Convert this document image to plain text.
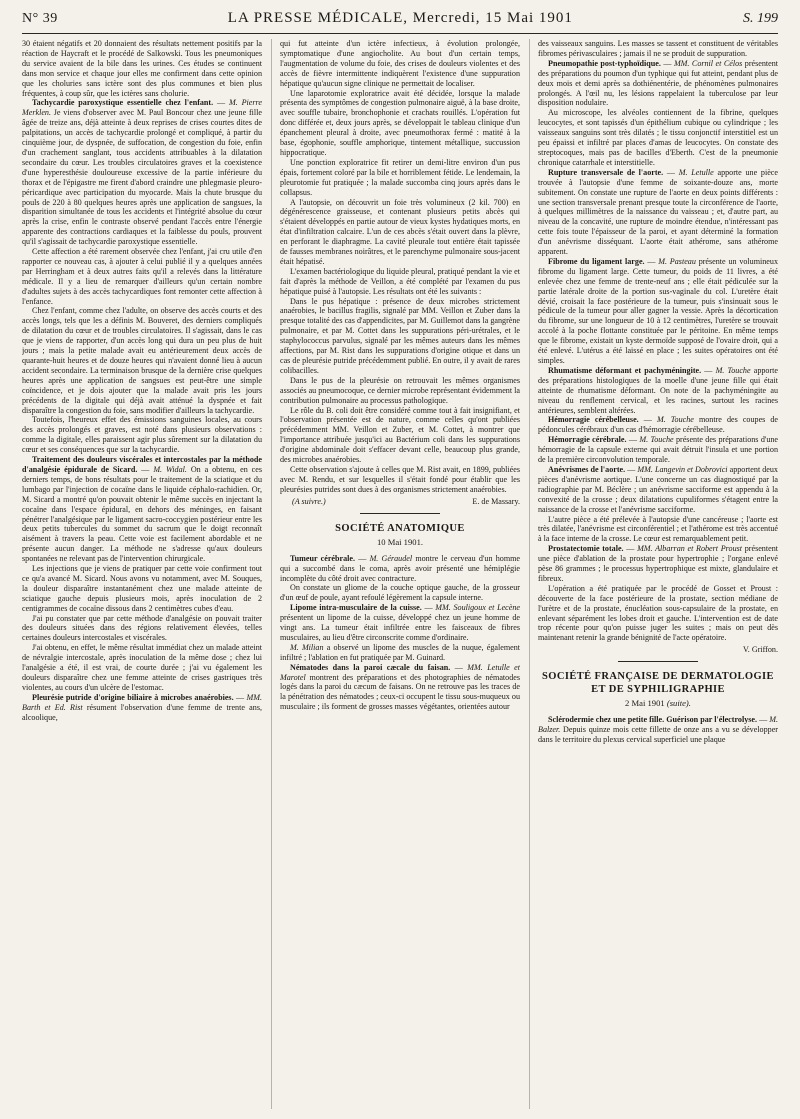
N° 39	LA PRESSE MÉDICALE, Mercredi, 15 Mai 1901	S. 199

30 étaient négatifs et 20 donnaient des résultats nettement positifs par la réaction de Haycraft et le procédé de Salkowski. Tous les pneumoniques du service avaient de la bile dans les urines. Ces études se continuent dans mon service et chaque jour elles me confirment dans cette opinion que les choluries sans ictère sont des plus communes et bien plus fréquentes, à coup sûr, que les ictères sans cholurie.

Tachycardie paroxystique essentielle chez l'enfant. — M. Pierre Merklen. Je viens d'observer avec M. Paul Boncour chez une jeune fille âgée de treize ans, déjà atteinte à deux reprises de crises courtes dites de palpitations, un accès de tachycardie prolongé et compliqué, à partir du cinquième jour, de dyspnée, de suffocation, de congestion du foie, enfin d'un crachement sanglant, tous accidents attribuables à la dilatation secondaire du cœur. Les troubles circulatoires graves et la coexistence d'une hyperesthésie douloureuse excessive de la partie inférieure du thorax et de l'épigastre me firent d'abord craindre une phlegmasie pleuro-péricardique avec participation du myocarde. Mais la chute brusque du pouls de 220 à 80 quelques heures après une application de sangsues, la disparition simultanée de tous les accidents et l'intégrité absolue du cœur après la crise, enfin le contraste observé pendant l'accès entre l'énergie apparente des contractions cardiaques et la faiblesse du pouls, prouvent qu'il s'agissait de tachycardie paroxystique essentielle.

Cette affection a été rarement observée chez l'enfant, j'ai cru utile d'en rapporter ce nouveau cas, à ajouter à celui publié il y a quelques années par Herringham et à deux autres faits qu'il a relevés dans la littérature médicale. Il y a lieu de remarquer d'ailleurs qu'un certain nombre d'adultes sujets à des accès tachycardiques font remonter cette affection à l'enfance.

Chez l'enfant, comme chez l'adulte, on observe des accès courts et des accès longs, tels que les a définis M. Bouveret, des derniers compliqués de dilatation du cœur et de troubles circulatoires. Il s'agissait, dans le cas que je viens de rapporter, d'un accès long qui dura un peu plus de huit jours ; mais la petite malade avait eu antérieurement deux accès de quarante-huit heures et de douze heures qui n'avaient donné lieu à aucun accident secondaire. La terminaison brusque de la dernière crise quelques heures après une application de sangsues est peut-être une simple coïncidence, et je dois ajouter que la malade avait pris les jours précédents de la digitale qui déjà avait atténué la dyspnée et fait disparaître la congestion du foie, sans modifier d'ailleurs la tachycardie.

Toutefois, l'heureux effet des émissions sanguines locales, au cours des accès prolongés et graves, est noté dans plusieurs observations : comme la digitale, elles paraissent agir plus sûrement sur la dilatation du cœur et ses conséquences que sur la tachycardie.

Traitement des douleurs viscérales et intercostales par la méthode d'analgésie épidurale de Sicard. — M. Widal. On a obtenu, en ces derniers temps, de bons résultats pour le traitement de la sciatique et du lumbago par l'injection de cocaïne dans le liquide céphalo-rachidien. Or, M. Sicard a montré qu'on pouvait obtenir le même succès en injectant la cocaïne dans l'espace épidural, en dehors des méninges, en faisant pénétrer l'analgésique par le ligament sacro-coccygien postérieur entre les deux petits tubercules du sommet du sacrum que le doigt reconnaît aisément à travers la peau. Cette voie est facilement abordable et ne présente aucun danger. La méthode ne s'adresse qu'aux douleurs spontanées ne relevant pas de l'intervention chirurgicale.

Les injections que je viens de pratiquer par cette voie confirment tout ce qu'a avancé M. Sicard. Nous avons vu notamment, avec M. Souques, la douleur disparaître instantanément chez une malade atteinte de sciatique gauche depuis plusieurs mois, après inoculation de 2 centigrammes de cocaïne dissous dans 2 centimètres cubes d'eau.

J'ai pu constater que par cette méthode d'analgésie on pouvait traiter des douleurs situées dans des régions relativement élevées, telles certaines douleurs intercostales et viscérales.

J'ai obtenu, en effet, le même résultat immédiat chez un malade atteint de névralgie intercostale, après inoculation de la même dose ; chez lui l'analgésie a été, il est vrai, de courte durée ; j'ai vu également les douleurs disparaître chez une femme atteinte de crises gastriques très violentes, au cours d'un ulcère de l'estomac.

Pleurésie putride d'origine biliaire à microbes anaérobies. — MM. Barth et Ed. Rist résument l'observation d'une femme de trente ans, alcoolique,

qui fut atteinte d'un ictère infectieux, à évolution prolongée, symptomatique d'une angiocholite. Au bout d'un certain temps, l'augmentation de volume du foie, des crises de douleurs violentes et des accès de fièvre intermittente indiquèrent l'existence d'une suppuration hépatique qu'aucun signe clinique ne permettait de localiser.

Une laparotomie exploratrice avait été décidée, lorsque la malade présenta des symptômes de congestion pulmonaire aiguë, à la base droite, avec souffle tubaire, bronchophonie et crachats rouillés. L'opération fut donc différée et, deux jours après, se développait le tableau clinique d'un épanchement pleural à droite, avec pneumothorax fermé : matité à la base, égophonie, souffle amphorique, tintement métallique, succussion hippocratique.

Une ponction exploratrice fit retirer un demi-litre environ d'un pus épais, fortement coloré par la bile et horriblement fétide. Le lendemain, la pleurotomie fut pratiquée ; la malade succomba cinq jours après dans le collapsus.

A l'autopsie, on découvrit un foie très volumineux (2 kil. 700) en dégénérescence graisseuse, et contenant plusieurs petits abcès qui s'étaient développés en partie autour de vieux kystes hydatiques morts, en état d'infiltration calcaire. L'un de ces abcès s'était ouvert dans la plèvre, en perforant le diaphragme. La cavité pleurale tout entière était tapissée de fausses membranes noirâtres, et le parenchyme pulmonaire sous-jacent était hépatisé.

L'examen bactériologique du liquide pleural, pratiqué pendant la vie et fait d'après la méthode de Veillon, a été complété par l'examen du pus hépatique puisé à l'autopsie. Les résultats ont été les suivants :

Dans le pus hépatique : présence de deux microbes strictement anaérobies, le bacillus fragilis, signalé par MM. Veillon et Zuber dans la presque totalité des cas d'appendicites, par M. Guillemot dans la gangrène pulmonaire, et par M. Cottet dans les suppurations péri-urétrales, et le staphylococcus parvulus, signalé par les mêmes auteurs dans les mêmes affections, par M. Rist dans les suppurations d'origine otique et dans un cas de pleurésie putride précédemment publié. En outre, il y avait de rares colibacilles.

Dans le pus de la pleurésie on retrouvait les mêmes organismes associés au pneumocoque, ce dernier microbe représentant évidemment la contribution pulmonaire au processus pathologique.

Le rôle du B. coli doit être considéré comme tout à fait insignifiant, et l'observation présentée est de nature, comme celles qu'ont publiées précédemment MM. Veillon et Zuber, et M. Cottet, à montrer que l'importance attribuée jusqu'ici au Bactérium coli dans les suppurations d'origine abdominale doit s'effacer devant celle, beaucoup plus grande, des microbes anaérobies.

Cette observation s'ajoute à celles que M. Rist avait, en 1899, publiées avec M. Rendu, et sur lesquelles il s'était fondé pour établir que les pleurésies putrides sont dues à des organismes strictement anaérobies.

(A suivre.)	E. de Massary.
SOCIÉTÉ ANATOMIQUE
10 Mai 1901.

Tumeur cérébrale. — M. Géraudel montre le cerveau d'un homme qui a succombé dans le coma, après avoir présenté une hémiplégie incomplète du côté droit avec contracture.

On constate un gliome de la couche optique gauche, de la grosseur d'un œuf de poule, ayant refoulé légèrement la capsule interne.

Lipome intra-musculaire de la cuisse. — MM. Souligoux et Lecène présentent un lipome de la cuisse, développé chez un jeune homme de vingt ans. La tumeur était infiltrée entre les faisceaux de fibres musculaires, au lieu d'être circonscrite comme d'ordinaire.

M. Milian a observé un lipome des muscles de la nuque, également infiltré ; l'ablation en fut pratiquée par M. Guinard.

Nématodes dans la paroi cæcale du faisan. — MM. Letulle et Marotel montrent des préparations et des photographies de nématodes logés dans la paroi du cæcum de faisans. On ne retrouve pas les traces de la pénétration des nématodes ; ceux-ci occupent le tissu sous-muqueux ou musculaire ; ils forment de grosses masses végétantes, orientées autour

des vaisseaux sanguins. Les masses se tassent et constituent de véritables fibromes périvasculaires ; jamais il ne se produit de suppuration.

Pneumopathie post-typhoïdique. — MM. Cornil et Célos présentent des préparations du poumon d'un typhique qui fut atteint, pendant plus de deux mois et demi après sa dothiénentérie, de phénomènes pulmonaires prolongés. A l'œil nu, les lésions rappelaient la tuberculose par leur disposition nodulaire.

Au microscope, les alvéoles contiennent de la fibrine, quelques leucocytes, et sont tapissés d'un épithélium cubique ou cylindrique ; les vaisseaux sanguins sont très dilatés ; le tissu conjonctif interstitiel est un peu épaissi et infiltré par places d'amas de leucocytes. On constate des streptocoques, mais pas de bacilles d'Eberth. C'est de la pneumonie chronique catarrhale et interstitielle.

Rupture transversale de l'aorte. — M. Letulle apporte une pièce trouvée à l'autopsie d'une femme de soixante-douze ans, morte subitement. On constate une rupture de l'aorte en deux points différents : une section transversale prenant presque toute la circonférence de l'aorte, à quelques millimètres de la naissance du vaisseau ; et, d'autre part, au niveau de la concavité, une rupture de moindre étendue, n'intéressant pas cette fois toute l'épaisseur de la paroi, et ayant déterminé la formation d'un anévrisme disséquant. L'aorte était athérome, sans athérome apparent.

Fibrome du ligament large. — M. Pasteau présente un volumineux fibrome du ligament large. Cette tumeur, du poids de 11 livres, a été enlevée chez une femme de trente-neuf ans ; elle était pédiculée sur la partie latérale droite de la portion sus-vaginale du col. L'uretère était dévié, croisait la face postérieure de la tumeur, puis s'insinuait sous le pédicule de la tumeur pour aller gagner la vessie. Après la décortication du fibrome, sur une longueur de 10 à 12 centimètres, l'uretère se trouvait accolé à la poche flottante constituée par le péritoine. En même temps que le fibrome, existait un kyste dermoïde supposé de l'ovaire droit, qui a été enlevé. L'utérus a été laissé en place ; les suites opératoires ont été simples.

Rhumatisme déformant et pachyméningite. — M. Touche apporte des préparations histologiques de la moelle d'une jeune fille qui était atteinte de rhumatisme déformant. On note de la pachyméningite au niveau du renflement cervical, et les racines, surtout les racines antérieures, semblent altérées.

Hémorragie cérébelleuse. — M. Touche montre des coupes de pédoncules cérébraux d'un cas d'hémorragie cérébelleuse.

Hémorragie cérébrale. — M. Touche présente des préparations d'une hémorragie de la capsule externe qui avait détruit l'insula et une portion de la première circonvolution temporale.

Anévrismes de l'aorte. — MM. Langevin et Dobrovici apportent deux pièces d'anévrisme aortique. L'une concerne un cas diagnostiqué par la radiographie par M. Béclère ; un anévrisme sacciforme est appendu à la convexité de la crosse ; deux dilatations cupuliformes s'étagent entre la naissance de la crosse et l'anévrisme sacciforme.

L'autre pièce a été prélevée à l'autopsie d'une cancéreuse ; l'aorte est très dilatée, l'anévrisme est circonférentiel ; et l'athérome est très accentué à la face interne de la crosse. Le cœur est remarquablement petit.

Prostatectomie totale. — MM. Albarran et Robert Proust présentent une pièce d'ablation de la prostate pour hypertrophie ; l'organe enlevé pèse 86 grammes ; le processus hypertrophique est mixte, glandulaire et fibreux.

L'opération a été pratiquée par le procédé de Gosset et Proust : découverte de la face postérieure de la prostate, section médiane de l'urètre et de la prostate, énucléation sous-capsulaire de la prostate, en enlevant séparément les lobes droit et gauche. L'intervention est de date trop récente pour qu'on puisse juger les suites ; mais on peut dès maintenant retenir la grande bénignité de l'acte opératoire.

V. Griffon.
SOCIÉTÉ FRANÇAISE DE DERMATOLOGIE
ET DE SYPHILIGRAPHIE
2 Mai 1901 (suite).

Sclérodermie chez une petite fille. Guérison par l'électrolyse. — M. Balzer. Depuis quinze mois cette fillette de onze ans a vu se développer dans le territoire du plexus cervical superficiel une plaque
